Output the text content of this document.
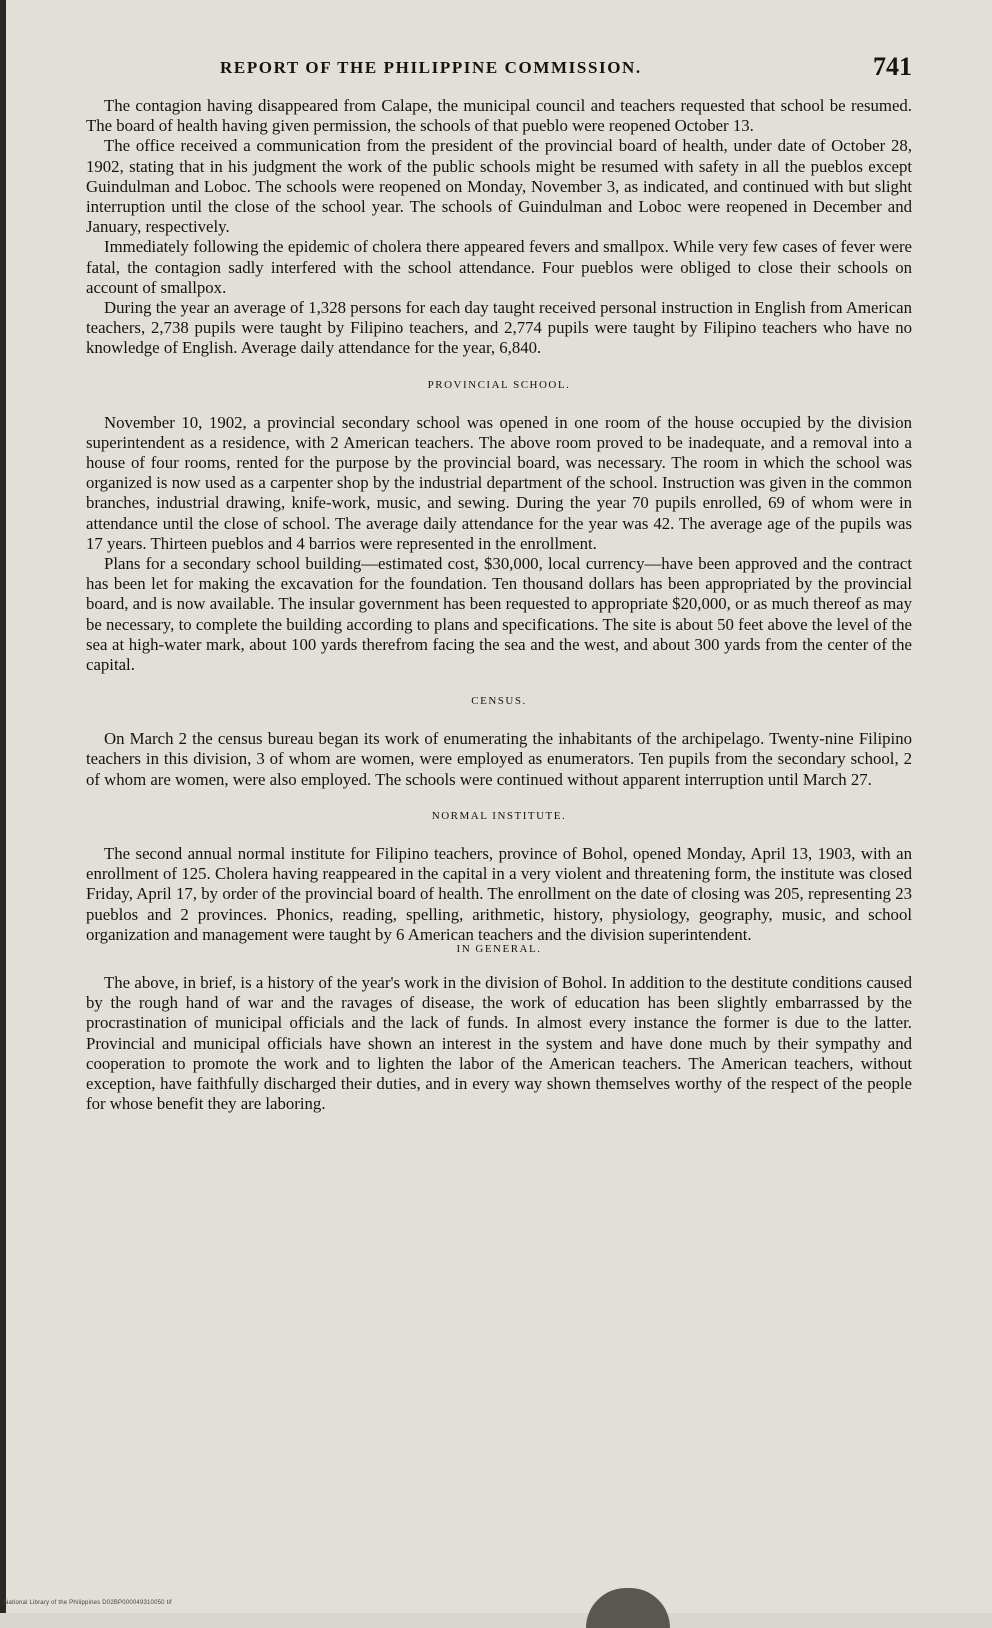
REPORT OF THE PHILIPPINE COMMISSION.	741

The contagion having disappeared from Calape, the municipal council and teachers requested that school be resumed. The board of health having given permission, the schools of that pueblo were reopened October 13.

The office received a communication from the president of the provincial board of health, under date of October 28, 1902, stating that in his judgment the work of the public schools might be resumed with safety in all the pueblos except Guindulman and Loboc. The schools were reopened on Monday, November 3, as indicated, and continued with but slight interruption until the close of the school year. The schools of Guindulman and Loboc were reopened in December and January, respectively.

Immediately following the epidemic of cholera there appeared fevers and smallpox. While very few cases of fever were fatal, the contagion sadly interfered with the school attendance. Four pueblos were obliged to close their schools on account of smallpox.

During the year an average of 1,328 persons for each day taught received personal instruction in English from American teachers, 2,738 pupils were taught by Filipino teachers, and 2,774 pupils were taught by Filipino teachers who have no knowledge of English. Average daily attendance for the year, 6,840.

PROVINCIAL SCHOOL.

November 10, 1902, a provincial secondary school was opened in one room of the house occupied by the division superintendent as a residence, with 2 American teachers. The above room proved to be inadequate, and a removal into a house of four rooms, rented for the purpose by the provincial board, was necessary. The room in which the school was organized is now used as a carpenter shop by the industrial department of the school. Instruction was given in the common branches, industrial drawing, knife-work, music, and sewing. During the year 70 pupils enrolled, 69 of whom were in attendance until the close of school. The average daily attendance for the year was 42. The average age of the pupils was 17 years. Thirteen pueblos and 4 barrios were represented in the enrollment.

Plans for a secondary school building—estimated cost, $30,000, local currency—have been approved and the contract has been let for making the excavation for the foundation. Ten thousand dollars has been appropriated by the provincial board, and is now available. The insular government has been requested to appropriate $20,000, or as much thereof as may be necessary, to complete the building according to plans and specifications. The site is about 50 feet above the level of the sea at high-water mark, about 100 yards therefrom facing the sea and the west, and about 300 yards from the center of the capital.

CENSUS.

On March 2 the census bureau began its work of enumerating the inhabitants of the archipelago. Twenty-nine Filipino teachers in this division, 3 of whom are women, were employed as enumerators. Ten pupils from the secondary school, 2 of whom are women, were also employed. The schools were continued without apparent interruption until March 27.

NORMAL INSTITUTE.

The second annual normal institute for Filipino teachers, province of Bohol, opened Monday, April 13, 1903, with an enrollment of 125. Cholera having reappeared in the capital in a very violent and threatening form, the institute was closed Friday, April 17, by order of the provincial board of health. The enrollment on the date of closing was 205, representing 23 pueblos and 2 provinces. Phonics, reading, spelling, arithmetic, history, physiology, geography, music, and school organization and management were taught by 6 American teachers and the division superintendent.

IN GENERAL.

The above, in brief, is a history of the year's work in the division of Bohol. In addition to the destitute conditions caused by the rough hand of war and the ravages of disease, the work of education has been slightly embarrassed by the procrastination of municipal officials and the lack of funds. In almost every instance the former is due to the latter. Provincial and municipal officials have shown an interest in the system and have done much by their sympathy and cooperation to promote the work and to lighten the labor of the American teachers. The American teachers, without exception, have faithfully discharged their duties, and in every way shown themselves worthy of the respect of the people for whose benefit they are laboring.

National Library of the Philippines D02BP000049310050 tif
